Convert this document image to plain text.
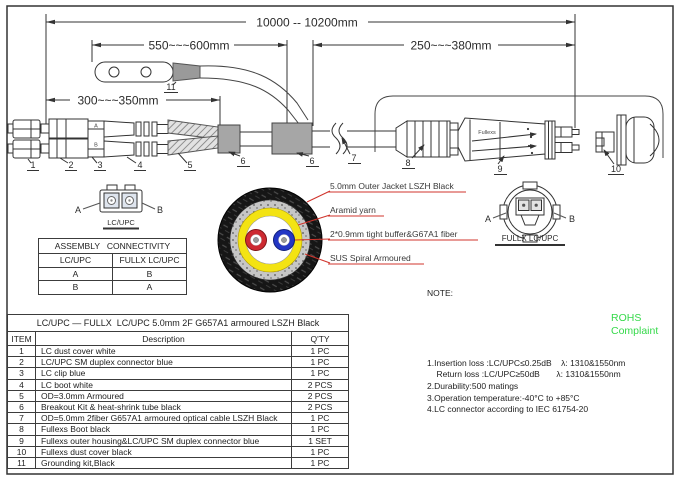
10000 -- 10200mm
550~~~600mm	250~~~380mm
300~~~350mm
A
B
Fullexs
1	2	3	4	5	6	6	7	8
9	10
11
5.0mm Outer Jacket LSZH Black
Aramid yarn
2*0.9mm tight buffer&G67A1 fiber
SUS Spiral Armoured
A	B
LC/UPC	A	B
FULLX LC/UPC
ASSEMBLY   CONNECTIVITY	
LC/UPC	FULLX LC/UPC
A	B
B	A

NOTE:

1.Insertion loss :LC/UPC≤0.25dB    λ: 1310&1550nm
Return loss :LC/UPC≥50dB       λ: 1310&1550nm
2.Durability:500 matings
3.Operation temperature:-40°C to +85°C
4.LC connector according to IEC 61754-20

ROHS
Complaint
LC/UPC — FULLX  LC/UPC 5.0mm 2F G657A1 armoured LSZH Black		
ITEM	Description	Q'TY
1	LC dust cover white	1 PC
2	LC/UPC SM duplex connector blue	1 PC
3	LC clip blue	1 PC
4	LC boot white	2 PCS
5	OD=3.0mm Armoured	2 PCS
6	Breakout Kit & heat-shrink tube black	2 PCS
7	OD=5.0mm 2fiber G657A1 armoured optical cable LSZH Black	1 PC
8	Fullexs Boot black	1 PC
9	Fullexs outer housing&LC/UPC SM duplex connector blue	1 SET
10	Fullexs dust cover black	1 PC
11	Grounding kit,Black	1 PC
